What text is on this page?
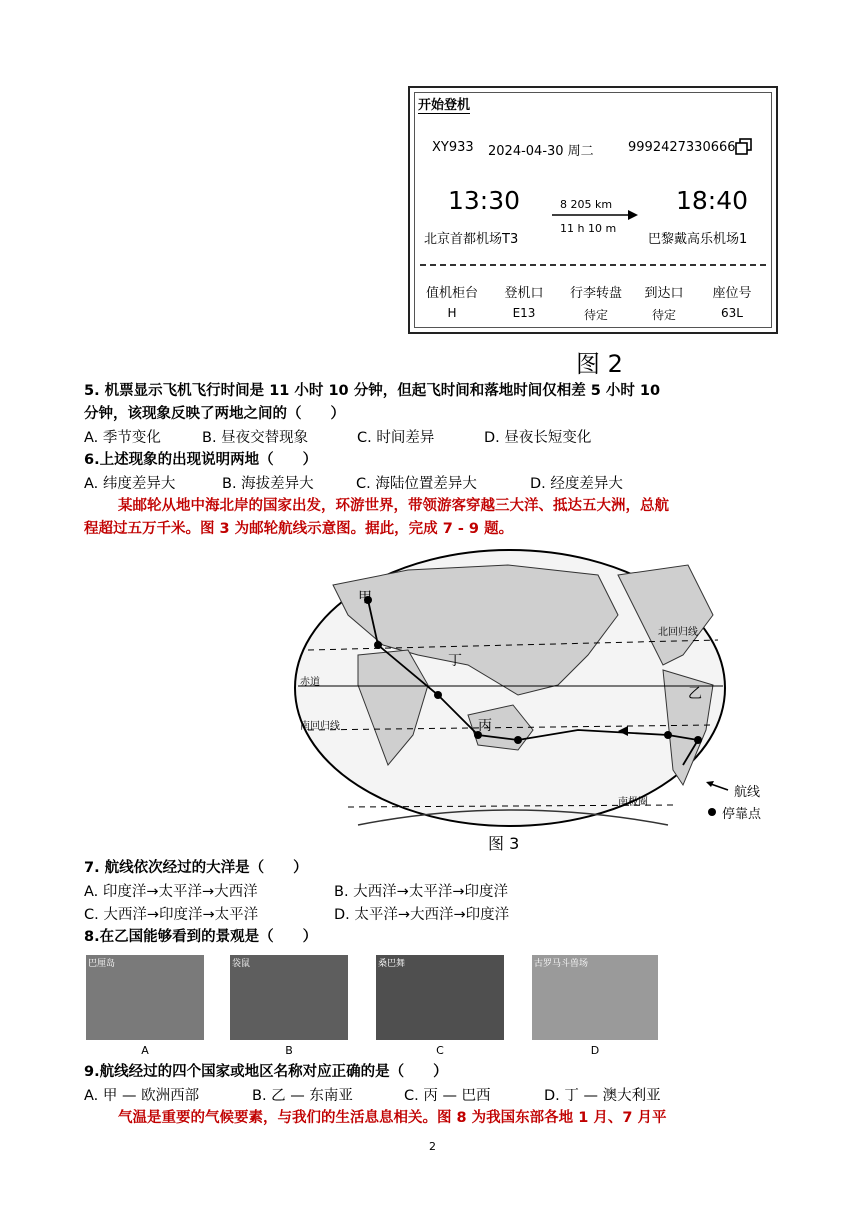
开始登机
XY933 2024-04-30 周二	9992427330666
13:30	18:40
8 205 km
11 h 10 m
北京首都机场T3	巴黎戴高乐机场1
值机柜台	登机口	行李转盘	到达口	座位号
H	E13	待定	待定	63L
图 2
5. 机票显示飞机飞行时间是 11 小时 10 分钟，但起飞时间和落地时间仅相差 5 小时 10
分钟，该现象反映了两地之间的（　　）
A. 季节变化	B. 昼夜交替现象	C. 时间差异	D. 昼夜长短变化
6.上述现象的出现说明两地（　　）
A. 纬度差异大	B. 海拔差异大	C. 海陆位置差异大	D. 经度差异大
某邮轮从地中海北岸的国家出发，环游世界，带领游客穿越三大洋、抵达五大洲，总航
程超过五万千米。图 3 为邮轮航线示意图。据此，完成 7 - 9 题。
甲
丁
丙
乙
北回归线
赤道
南回归线
南极圈
航线
停靠点
图 3
7. 航线依次经过的大洋是（　　）
A. 印度洋→太平洋→大西洋	B. 大西洋→太平洋→印度洋
C. 大西洋→印度洋→太平洋	D. 太平洋→大西洋→印度洋
8.在乙国能够看到的景观是（　　）
巴厘岛	袋鼠	桑巴舞	古罗马斗兽场
A	B	C	D
9.航线经过的四个国家或地区名称对应正确的是（　　）
A. 甲 — 欧洲西部	B. 乙 — 东南亚	C. 丙 — 巴西	D. 丁 — 澳大利亚
气温是重要的气候要素，与我们的生活息息相关。图 8 为我国东部各地 1 月、7 月平
2
